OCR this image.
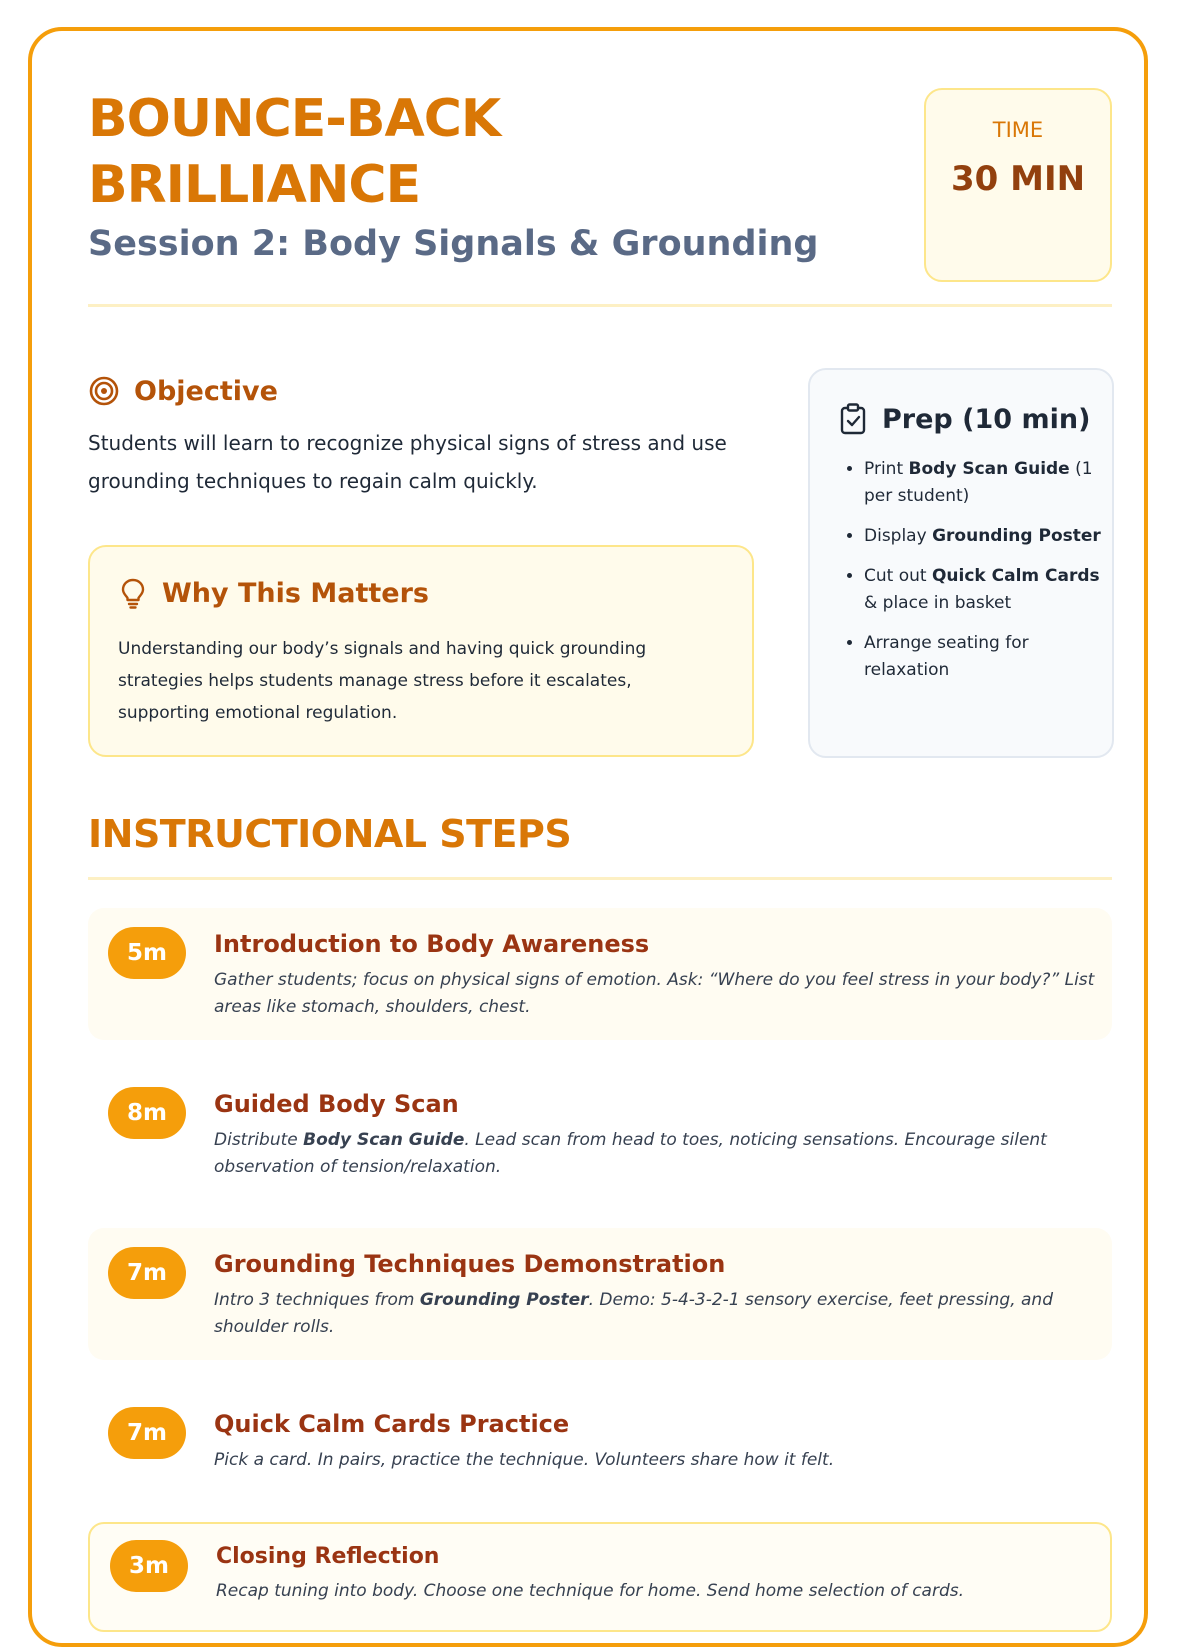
BOUNCE-BACK BRILLIANCE
Session 2: Body Signals & Grounding
TIME
30 MIN
Objective

Students will learn to recognize physical signs of stress and use grounding techniques to regain calm quickly.

Why This Matters

Understanding our body’s signals and having quick grounding strategies helps students manage stress before it escalates, supporting emotional regulation.

Prep (10 min)
• Print Body Scan Guide (1 per student)
• Display Grounding Poster
• Cut out Quick Calm Cards & place in basket
• Arrange seating for relaxation
INSTRUCTIONAL STEPS
5m	Introduction to Body Awareness

Gather students; focus on physical signs of emotion. Ask: “Where do you feel stress in your body?” List areas like stomach, shoulders, chest.

8m	Guided Body Scan

Distribute Body Scan Guide. Lead scan from head to toes, noticing sensations. Encourage silent observation of tension/relaxation.

7m	Grounding Techniques Demonstration

Intro 3 techniques from Grounding Poster. Demo: 5-4-3-2-1 sensory exercise, feet pressing, and shoulder rolls.

7m	Quick Calm Cards Practice

Pick a card. In pairs, practice the technique. Volunteers share how it felt.

3m	Closing Reflection

Recap tuning into body. Choose one technique for home. Send home selection of cards.
